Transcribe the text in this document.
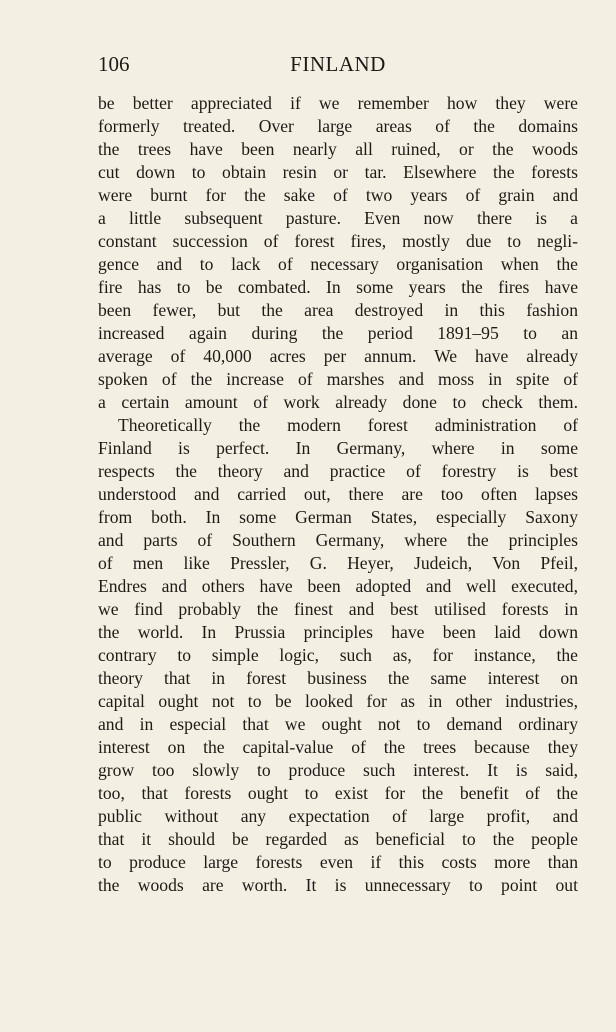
106	FINLAND
be better appreciated if we remember how they were
formerly treated. Over large areas of the domains
the trees have been nearly all ruined, or the woods
cut down to obtain resin or tar. Elsewhere the forests
were burnt for the sake of two years of grain and
a little subsequent pasture. Even now there is a
constant succession of forest fires, mostly due to negli-
gence and to lack of necessary organisation when the
fire has to be combated. In some years the fires have
been fewer, but the area destroyed in this fashion
increased again during the period 1891–95 to an
average of 40,000 acres per annum. We have already
spoken of the increase of marshes and moss in spite of
a certain amount of work already done to check them.
Theoretically the modern forest administration of
Finland is perfect. In Germany, where in some
respects the theory and practice of forestry is best
understood and carried out, there are too often lapses
from both. In some German States, especially Saxony
and parts of Southern Germany, where the principles
of men like Pressler, G. Heyer, Judeich, Von Pfeil,
Endres and others have been adopted and well executed,
we find probably the finest and best utilised forests in
the world. In Prussia principles have been laid down
contrary to simple logic, such as, for instance, the
theory that in forest business the same interest on
capital ought not to be looked for as in other industries,
and in especial that we ought not to demand ordinary
interest on the capital-value of the trees because they
grow too slowly to produce such interest. It is said,
too, that forests ought to exist for the benefit of the
public without any expectation of large profit, and
that it should be regarded as beneficial to the people
to produce large forests even if this costs more than
the woods are worth. It is unnecessary to point out
